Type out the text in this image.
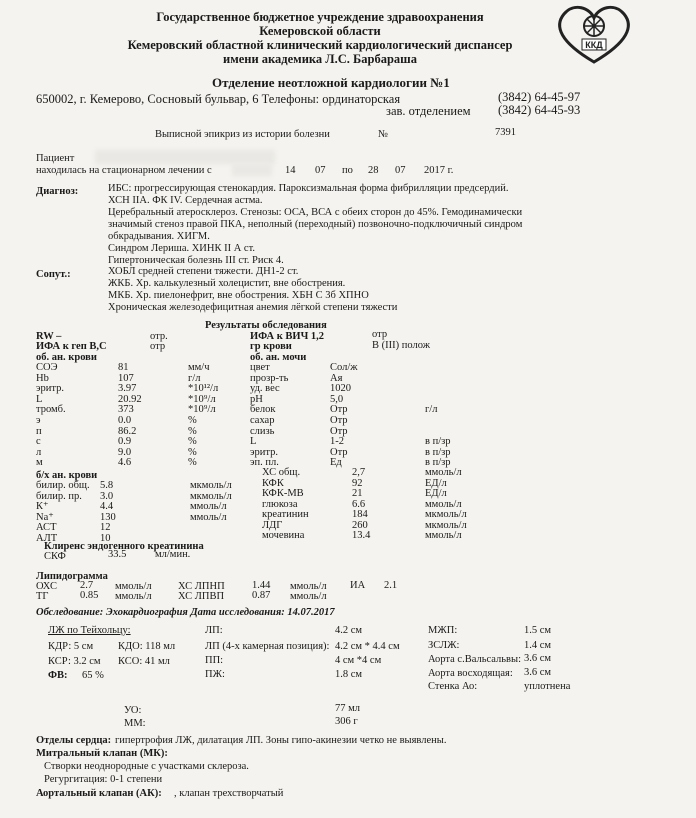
Государственное бюджетное учреждение здравоохранения
Кемеровской области
Кемеровский областной клинический кардиологический диспансер
имени академика Л.С. Барбараша
ККД
Отделение неотложной кардиологии №1
650002, г. Кемерово, Сосновый бульвар, 6 Телефоны: ординаторская	(3842) 64-45-97
зав. отделением (3842) 64-45-93
Выписной эпикриз из истории болезни	№	7391
Пациент
находилась на стационарном лечении с	14 07 по 28 07 2017 г.
Диагноз:	ИБС: прогрессирующая стенокардия. Пароксизмальная форма фибрилляции предсердий.
ХСН IIА. ФК IV. Сердечная астма.
Церебральный атеросклероз. Стенозы: ОСА, ВСА с обеих сторон до 45%. Гемодинамически
значимый стеноз правой ПКА, неполный (переходный) позвоночно-подключичный синдром
обкрадывания. ХИГМ.
Синдром Лериша. ХИНК II А ст.
Гипертоническая болезнь III ст. Риск 4.
Сопут.:	ХОБЛ средней степени тяжести. ДН1-2 ст.
ЖКБ. Хр. калькулезный холецистит, вне обострения.
МКБ. Хр. пиелонефрит, вне обострения. ХБН С 3б ХПНО
Хроническая железодефицитная анемия лёгкой степени тяжести
Результаты обследования
RW –	отр.
ИФА к геп В,С	отр
ИФА к ВИЧ 1,2	отр
гр крови	В (III) полож
об. ан. крови	об. ан. мочи
СОЭ	81	мм/ч
Hb	107	г/л
эритр.	3.97	*10¹²/л
L	20.92	*10⁹/л
тромб.	373	*10⁹/л
э	0.0	%
п	86.2	%
с	0.9	%
л	9.0	%
м	4.6	%
цвет	Сол/ж
прозр-ть	Ая
уд. вес	1020
рН	5,0
белок	Отр	г/л
сахар	Отр
слизь	Отр
L	1-2	в п/зр
эритр.	Отр	в п/зр
эп. пл.	Ед	в п/зр
б/х ан. крови
билир. общ. 5.8	мкмоль/л
билир. пр. 3.0	мкмоль/л
К⁺	4.4	ммоль/л
Na⁺	130	ммоль/л
АСТ	12
АЛТ	10
ХС общ.	2,7	ммоль/л
КФК	92	ЕД/л
КФК-МВ	21	ЕД/л
глюкоза	6.6	ммоль/л
креатинин	184	мкмоль/л
ЛДГ	260	мкмоль/л
мочевина	13.4	ммоль/л
Клиренс эндогенного креатинина
СКФ	33.5	мл/мин.
Липидограмма
ОХС 2.7 ммоль/л	ХС ЛПНП	1.44 ммоль/л ИА 2.1
ТГ	0.85 ммоль/л	ХС ЛПВП	0.87 ммоль/л
Обследование: Эхокардиография Дата исследования: 14.07.2017
ЛЖ по Тейхольцу:
КДР: 5 см КДО: 118 мл
КСР: 3.2 см КСО: 41 мл
ФВ: 65 %
ЛП:	4.2 см
ЛП (4-х камерная позиция): 4.2 см * 4.4 см
ПП:	4 см *4 см
ПЖ:	1.8 см
МЖП:	1.5 см
ЗСЛЖ:	1.4 см
Аорта с.Вальсальвы: 3.6 см
Аорта восходящая: 3.6 см
Стенка Ао:	уплотнена
УО:	77 мл
ММ:	306 г
Отделы сердца: гипертрофия ЛЖ, дилатация ЛП. Зоны гипо-акинезии четко не выявлены.
Митральный клапан (МК):
Створки неоднородные с участками склероза.
Регургитация: 0-1 степени
Аортальный клапан (АК): , клапан трехстворчатый
